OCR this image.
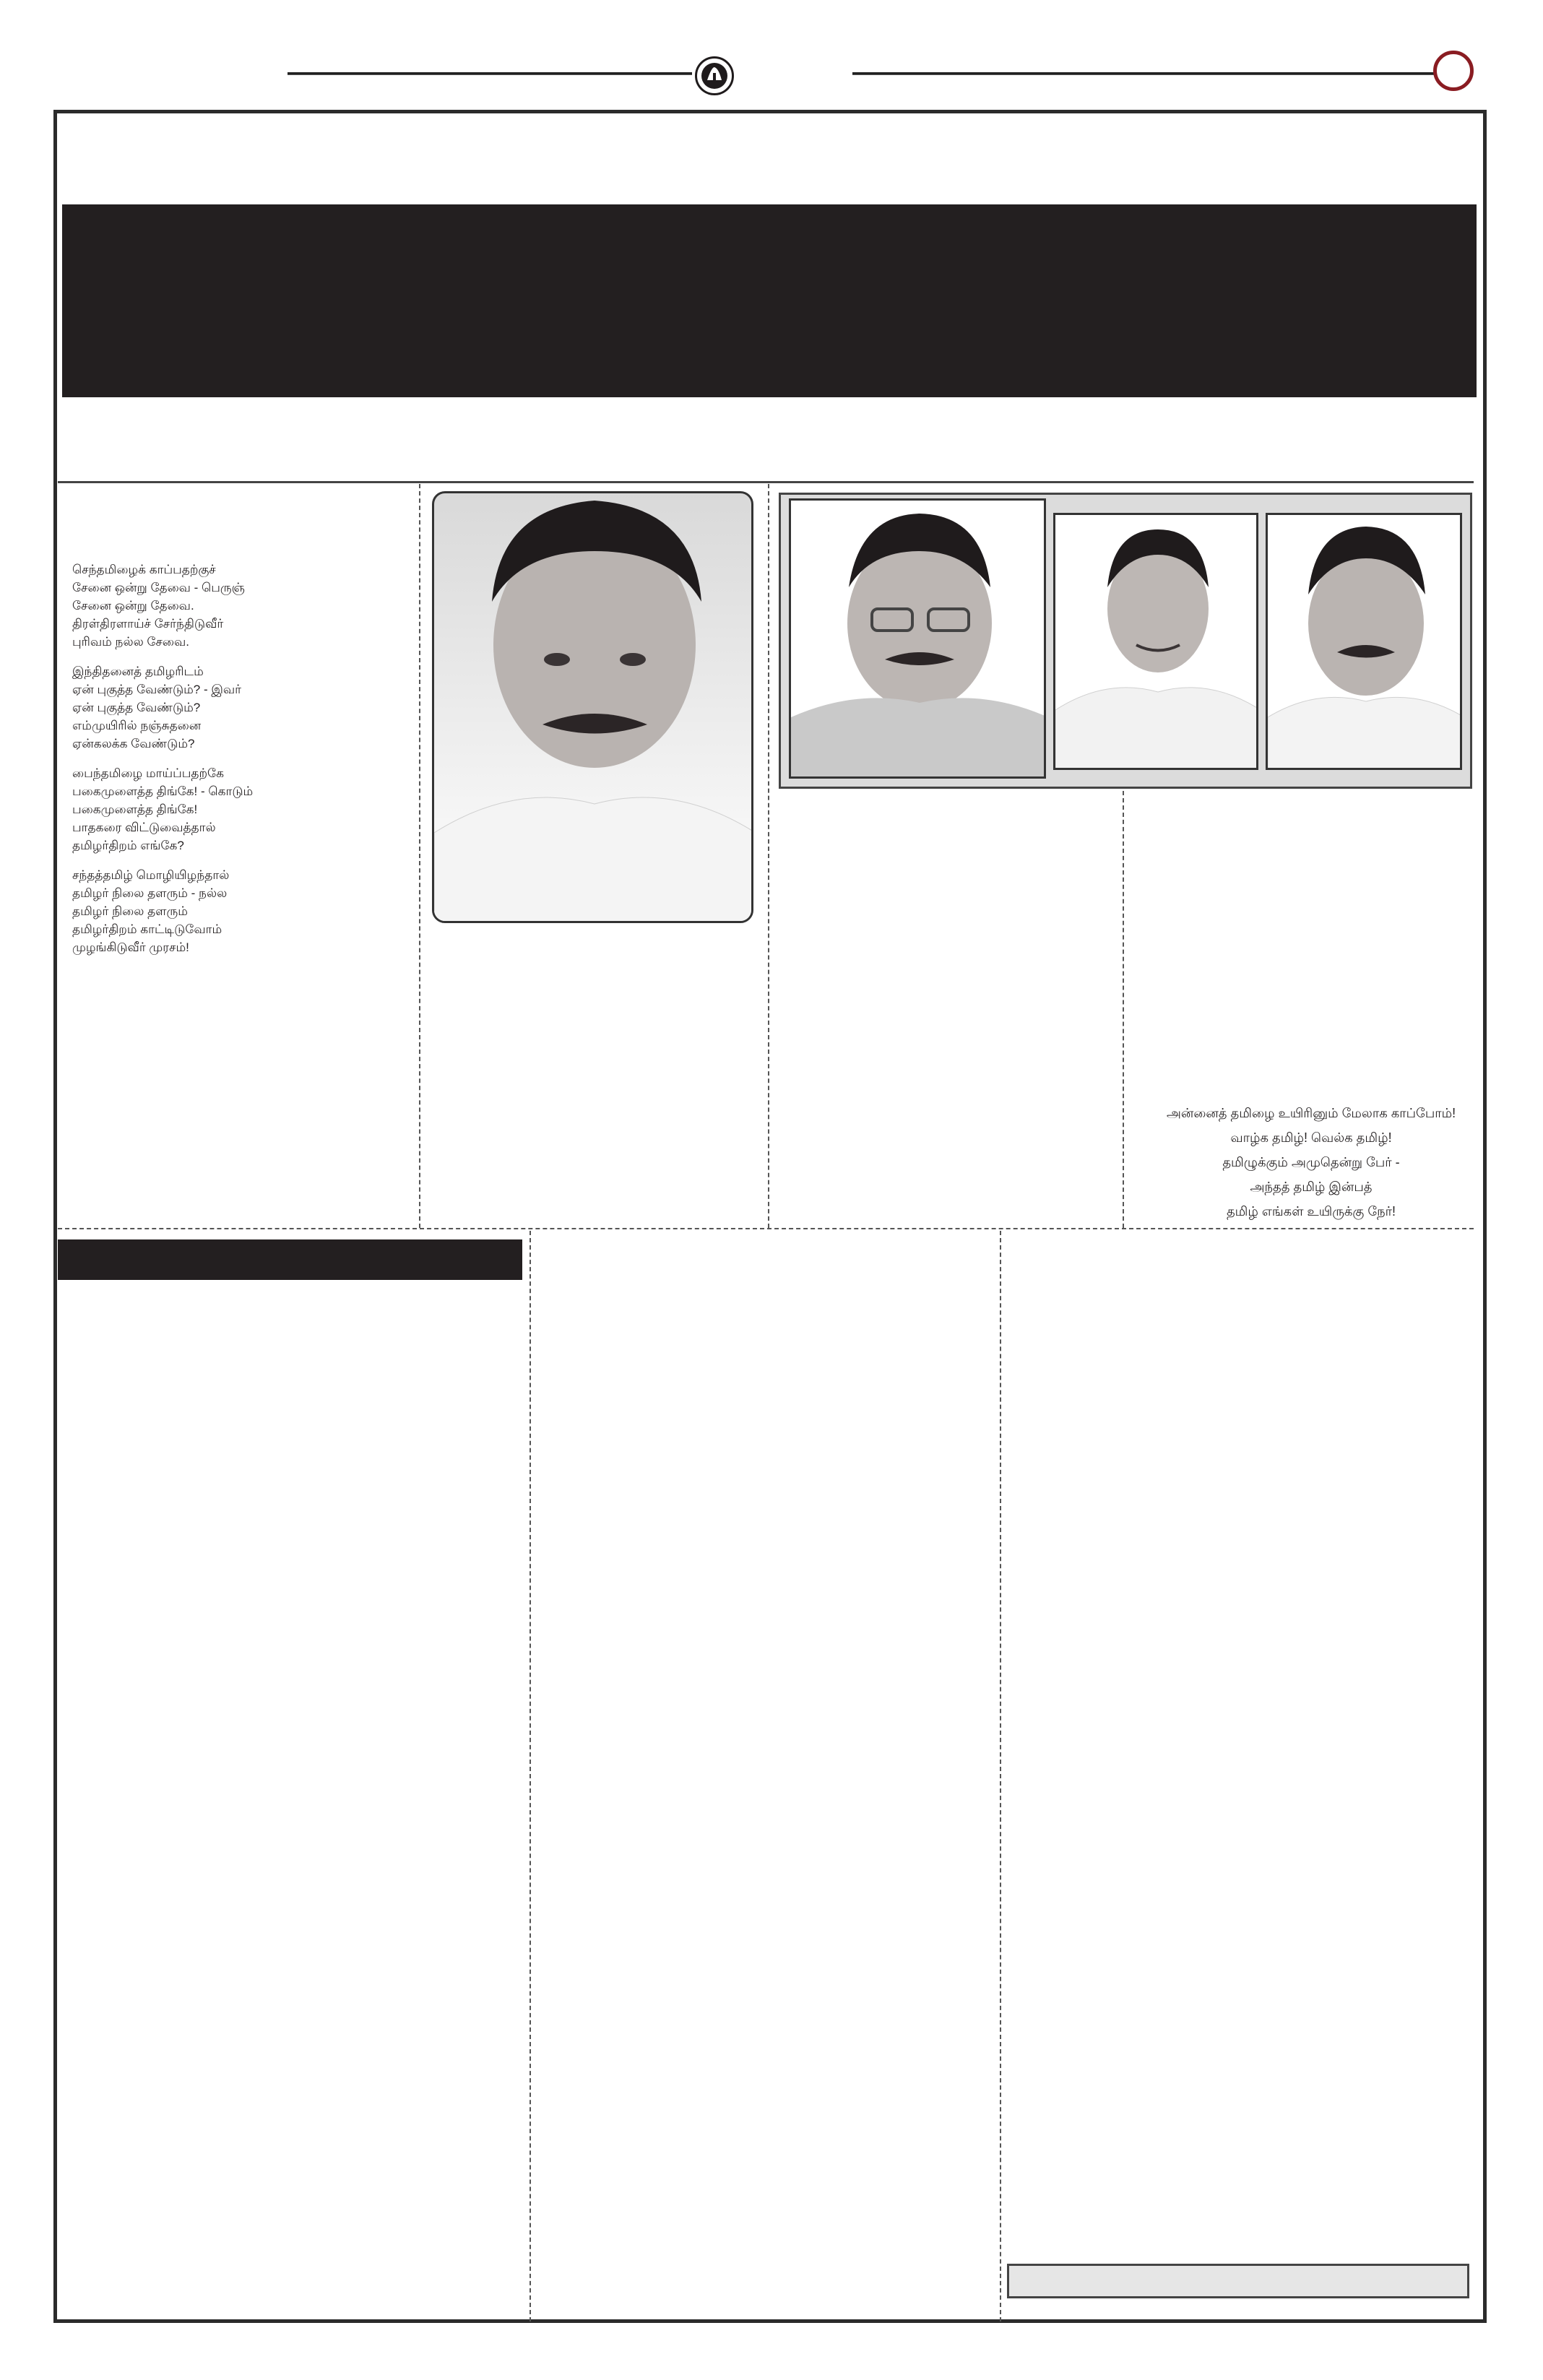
செந்தமிழைக் காப்பதற்குச்
சேனை ஒன்று தேவை - பெருஞ்
சேனை ஒன்று தேவை.
திரள்திரளாய்ச் சேர்ந்திடுவீர்
புரிவம் நல்ல சேவை.
இந்திதனைத் தமிழரிடம்
ஏன் புகுத்த வேண்டும்? - இவர்
ஏன் புகுத்த வேண்டும்?
எம்முயிரில் நஞ்சுதனை
ஏன்கலக்க வேண்டும்?
பைந்தமிழை மாய்ப்பதற்கே
பகைமுளைத்த திங்கே! - கொடும்
பகைமுளைத்த திங்கே!
பாதகரை விட்டுவைத்தால்
தமிழர்திறம் எங்கே?
சந்தத்தமிழ் மொழியிழந்தால்
தமிழர் நிலை தளரும் - நல்ல
தமிழர் நிலை தளரும்
தமிழர்திறம் காட்டிடுவோம்
முழங்கிடுவீர் முரசம்!
அன்னைத் தமிழை உயிரினும் மேலாக காப்போம்!
வாழ்க தமிழ்! வெல்க தமிழ்!
தமிழுக்கும் அமுதென்று பேர் -
அந்தத் தமிழ் இன்பத்
தமிழ் எங்கள் உயிருக்கு நேர்!
